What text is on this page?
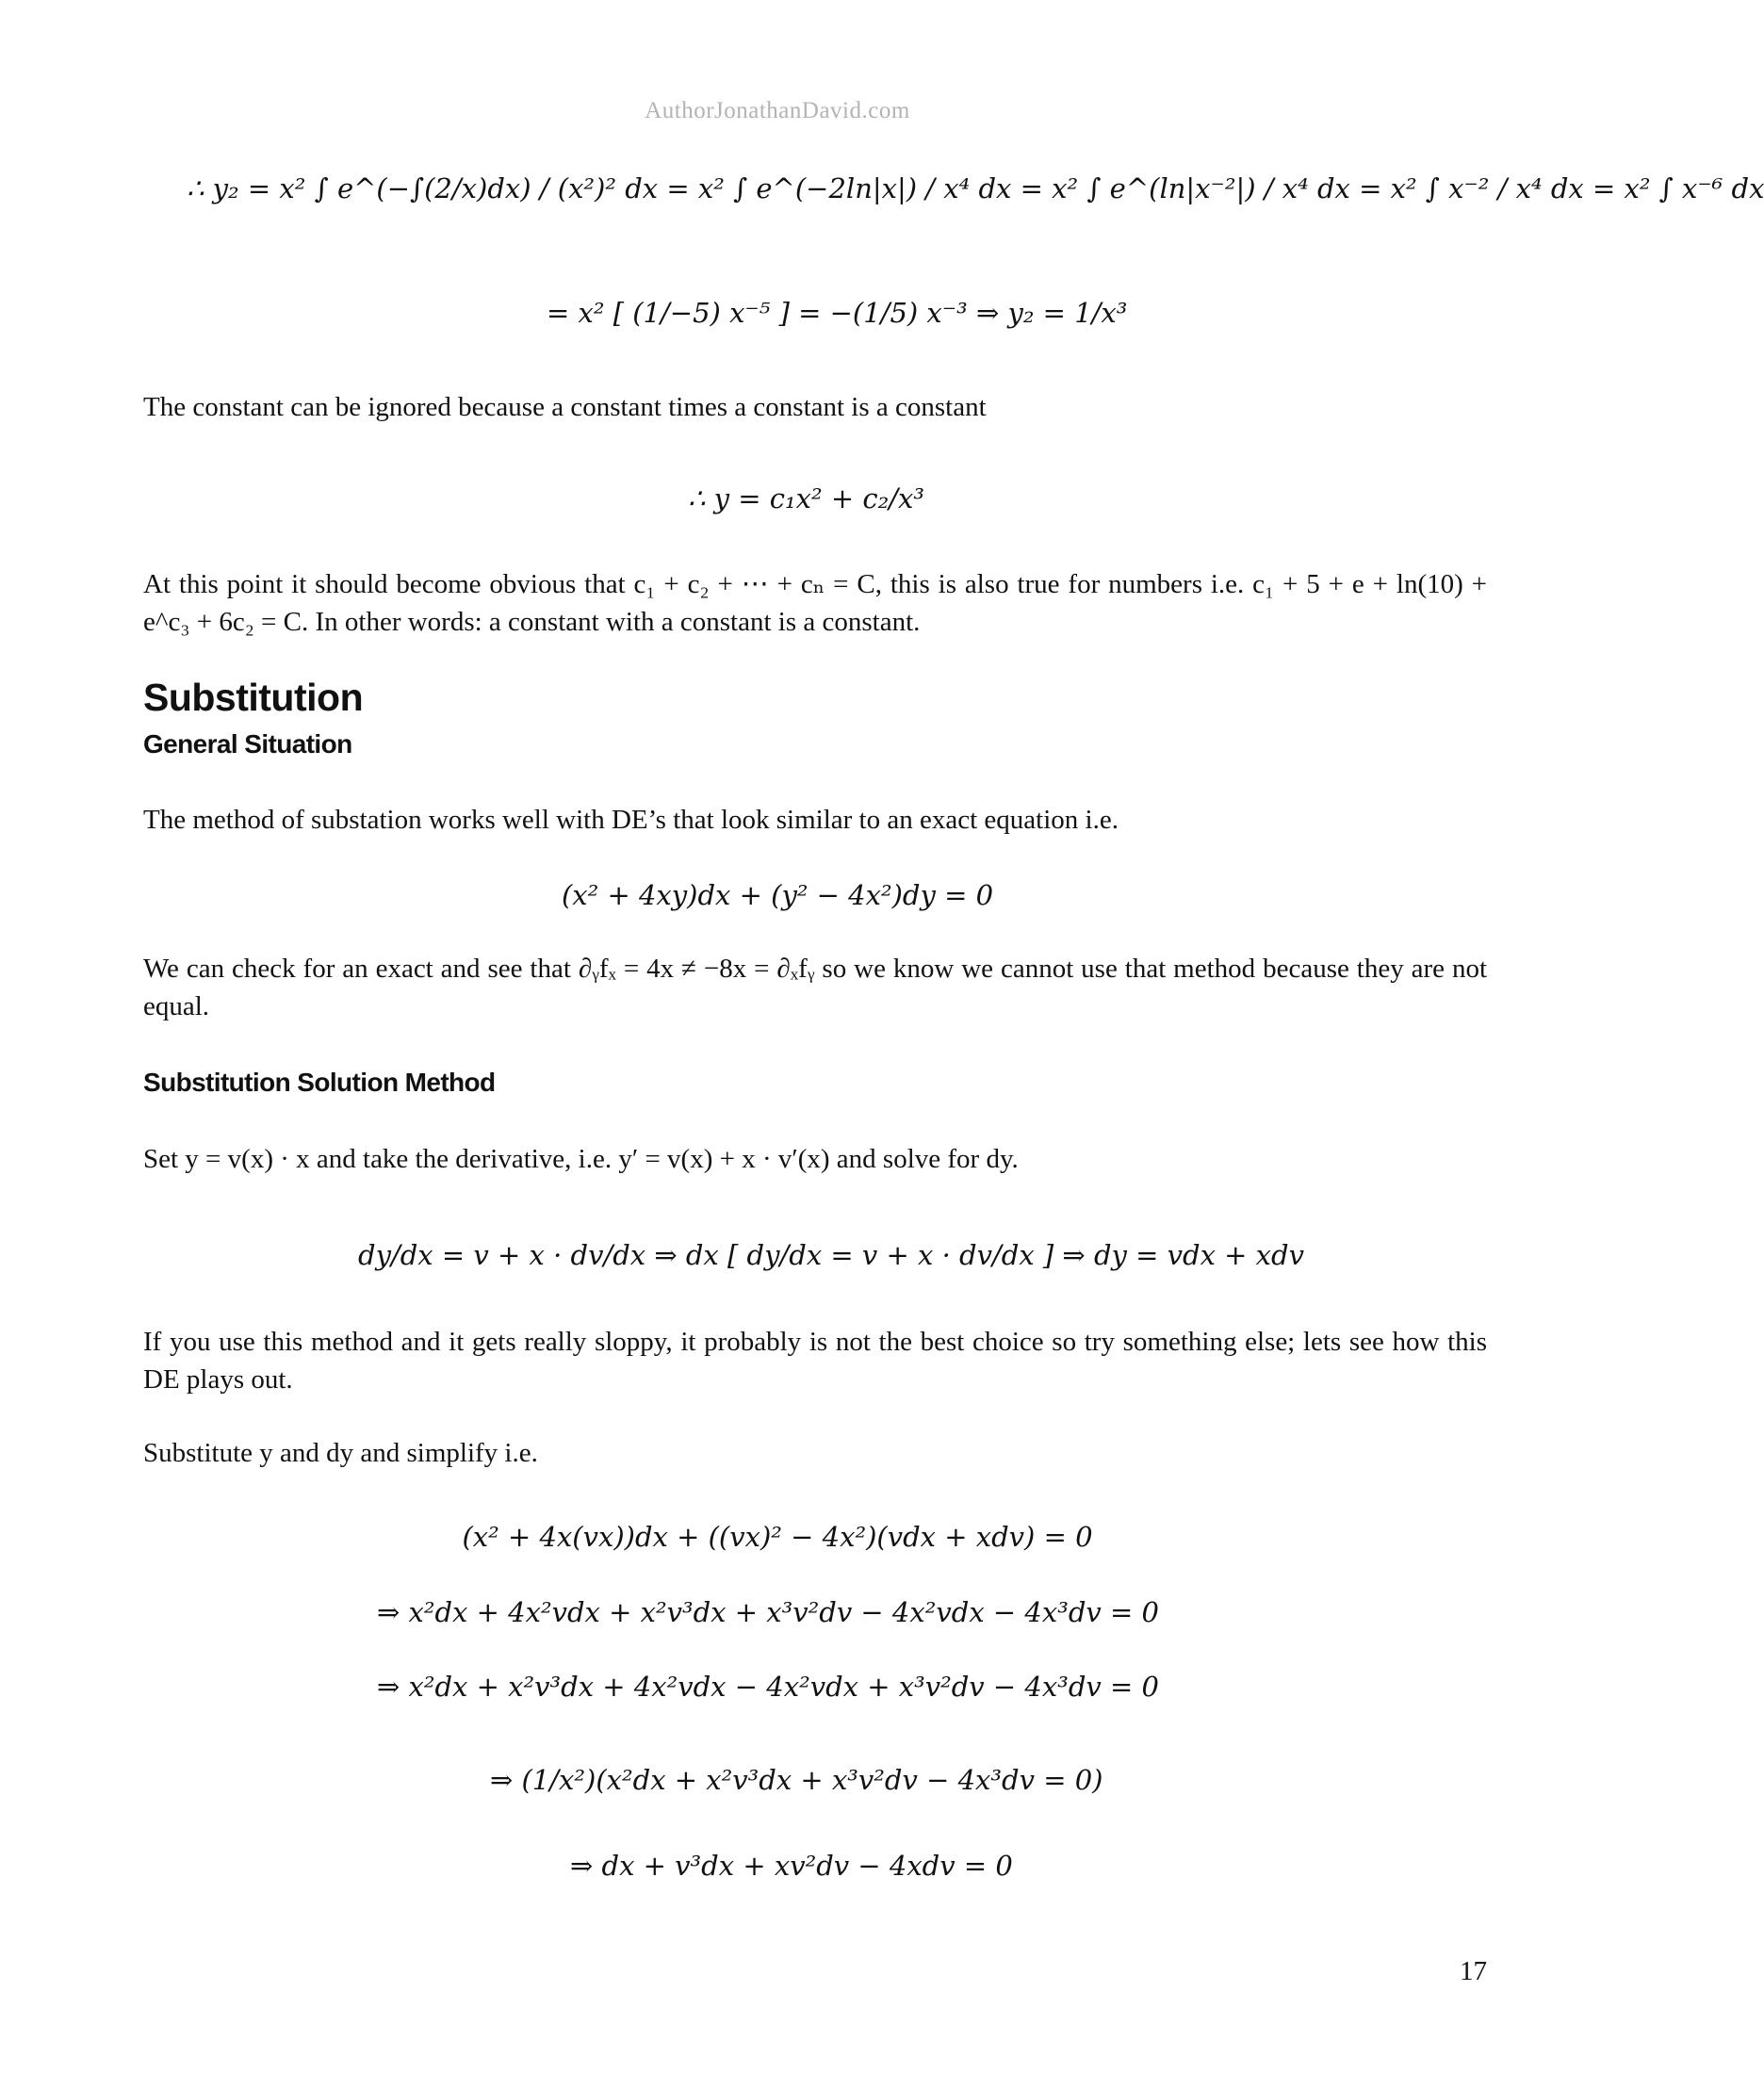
AuthorJonathanDavid.com
∴ y₂ = x² ∫ e^(−∫(2/x)dx) / (x²)² dx = x² ∫ e^(−2ln|x|) / x⁴ dx = x² ∫ e^(ln|x⁻²|) / x⁴ dx = x² ∫ x⁻² / x⁴ dx = x² ∫ x⁻⁶ dx
= x² [ (1/−5) x⁻⁵ ] = −(1/5) x⁻³ ⇒ y₂ = 1/x³
The constant can be ignored because a constant times a constant is a constant
∴ y = c₁x² + c₂/x³
At this point it should become obvious that c₁ + c₂ + ⋯ + cₙ = C, this is also true for numbers i.e. c₁ + 5 + e + ln(10) + e^c₃ + 6c₂ = C. In other words: a constant with a constant is a constant.
Substitution
General Situation
The method of substation works well with DE’s that look similar to an exact equation i.e.
(x² + 4xy)dx + (y² − 4x²)dy = 0
We can check for an exact and see that ∂ᵧfₓ = 4x ≠ −8x = ∂ₓfᵧ so we know we cannot use that method because they are not equal.
Substitution Solution Method
Set y = v(x) · x and take the derivative, i.e. y′ = v(x) + x · v′(x) and solve for dy.
dy/dx = v + x · dv/dx ⇒ dx [ dy/dx = v + x · dv/dx ] ⇒ dy = vdx + xdv
If you use this method and it gets really sloppy, it probably is not the best choice so try something else; lets see how this DE plays out.
Substitute y and dy and simplify i.e.
(x² + 4x(vx))dx + ((vx)² − 4x²)(vdx + xdv) = 0
⇒ x²dx + 4x²vdx + x²v³dx + x³v²dv − 4x²vdx − 4x³dv = 0
⇒ x²dx + x²v³dx + 4x²vdx − 4x²vdx + x³v²dv − 4x³dv = 0
⇒ (1/x²)(x²dx + x²v³dx + x³v²dv − 4x³dv = 0)
⇒ dx + v³dx + xv²dv − 4xdv = 0
17
